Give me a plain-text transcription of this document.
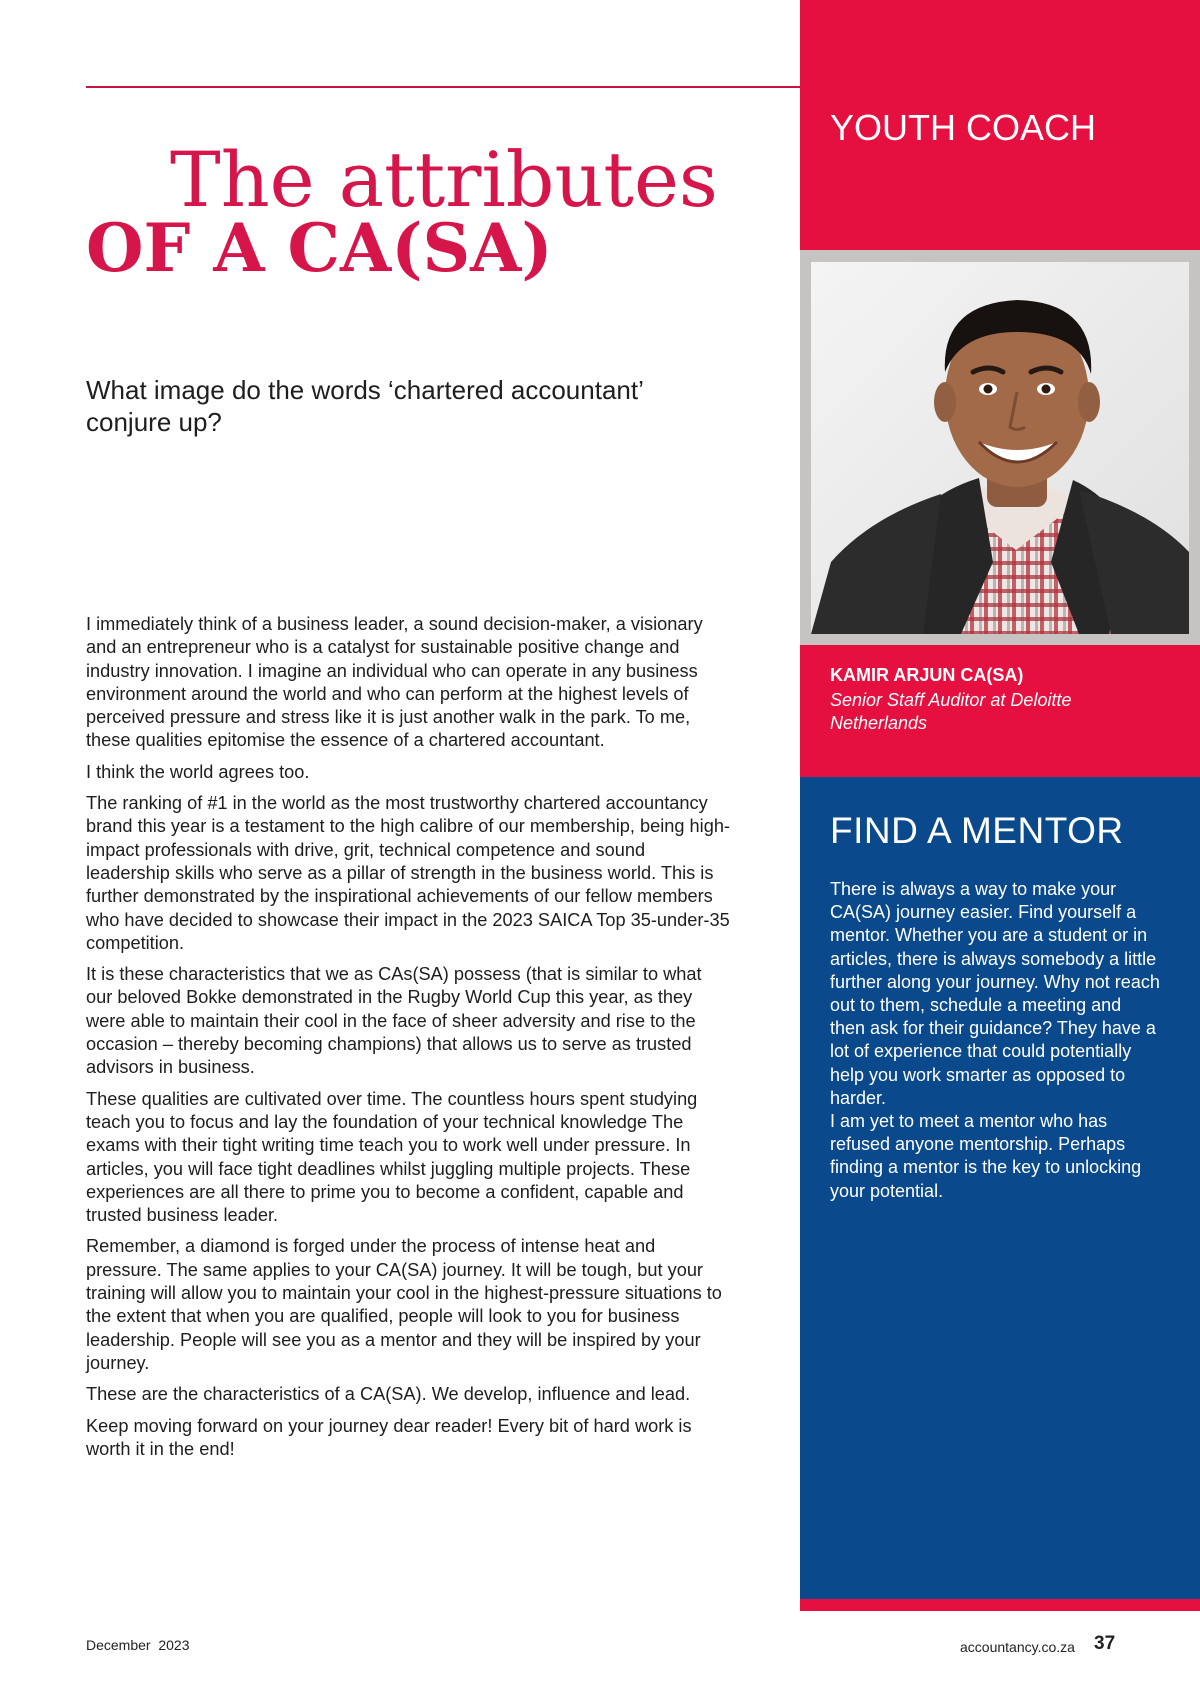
The attributes
OF A CA(SA)

What image do the words ‘chartered accountant’ conjure up?

I immediately think of a business leader, a sound decision-maker, a visionary and an entrepreneur who is a catalyst for sustainable positive change and industry innovation. I imagine an individual who can operate in any business environment around the world and who can perform at the highest levels of perceived pressure and stress like it is just another walk in the park. To me, these qualities epitomise the essence of a chartered accountant.

I think the world agrees too.

The ranking of #1 in the world as the most trustworthy chartered accountancy brand this year is a testament to the high calibre of our membership, being high-impact professionals with drive, grit, technical competence and sound leadership skills who serve as a pillar of strength in the business world. This is further demonstrated by the inspirational achievements of our fellow members who have decided to showcase their impact in the 2023 SAICA Top 35-under-35 competition.

It is these characteristics that we as CAs(SA) possess (that is similar to what our beloved Bokke demonstrated in the Rugby World Cup this year, as they were able to maintain their cool in the face of sheer adversity and rise to the occasion – thereby becoming champions) that allows us to serve as trusted advisors in business.

These qualities are cultivated over time. The countless hours spent studying teach you to focus and lay the foundation of your technical knowledge The exams with their tight writing time teach you to work well under pressure. In articles, you will face tight deadlines whilst juggling multiple projects. These experiences are all there to prime you to become a confident, capable and trusted business leader.

Remember, a diamond is forged under the process of intense heat and pressure. The same applies to your CA(SA) journey. It will be tough, but your training will allow you to maintain your cool in the highest-pressure situations to the extent that when you are qualified, people will look to you for business leadership. People will see you as a mentor and they will be inspired by your journey.

These are the characteristics of a CA(SA). We develop, influence and lead.

Keep moving forward on your journey dear reader! Every bit of hard work is worth it in the end!

YOUTH COACH
KAMIR ARJUN CA(SA)
Senior Staff Auditor at Deloitte Netherlands
FIND A MENTOR

There is always a way to make your CA(SA) journey easier. Find yourself a mentor. Whether you are a student or in articles, there is always somebody a little further along your journey. Why not reach out to them, schedule a meeting and then ask for their guidance? They have a lot of experience that could potentially help you work smarter as opposed to harder.
I am yet to meet a mentor who has refused anyone mentorship. Perhaps finding a mentor is the key to unlocking your potential.

December  2023	accountancy.co.za 37
